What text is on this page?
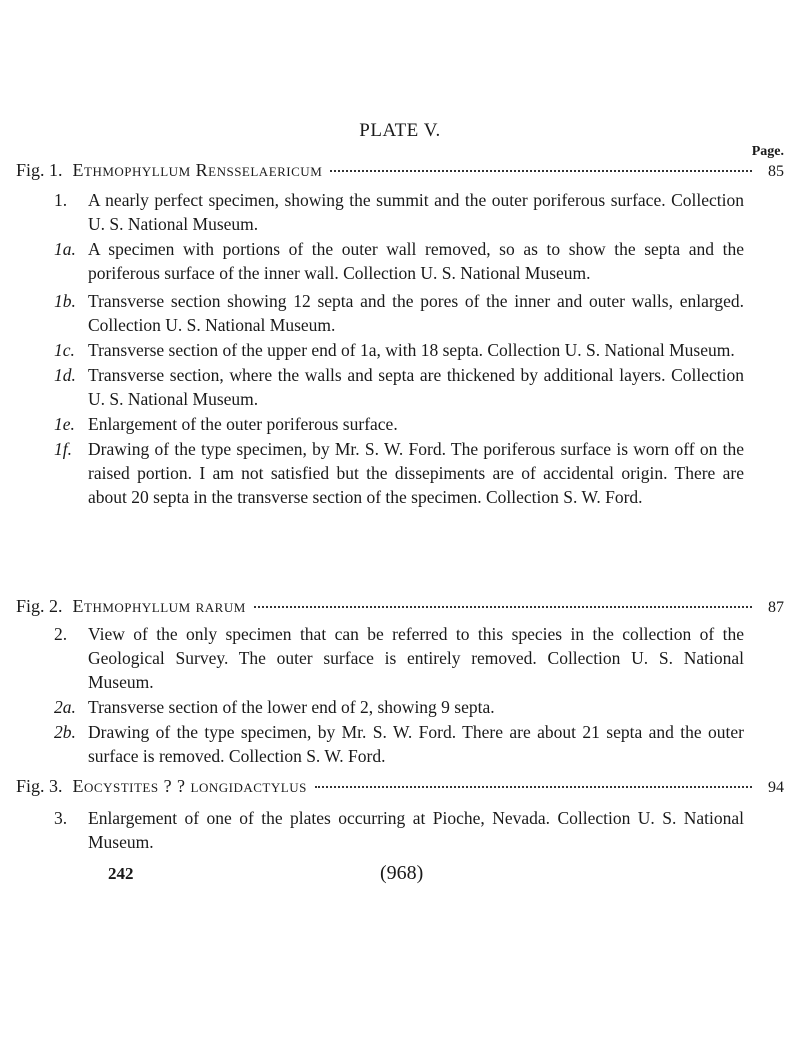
PLATE V.
Page.
Fig. 1. Ethmophyllum Rensselaericum	85
1.	A nearly perfect specimen, showing the summit and the outer poriferous surface. Collection U. S. National Museum.
1a. A specimen with portions of the outer wall removed, so as to show the septa and the poriferous surface of the inner wall. Collection U. S. National Museum.
1b. Transverse section showing 12 septa and the pores of the inner and outer walls, enlarged. Collection U. S. National Museum.
1c. Transverse section of the upper end of 1a, with 18 septa. Collection U. S. National Museum.
1d. Transverse section, where the walls and septa are thickened by additional layers. Collection U. S. National Museum.
1e. Enlargement of the outer poriferous surface.
1f. Drawing of the type specimen, by Mr. S. W. Ford. The poriferous surface is worn off on the raised portion. I am not satisfied but the dissepiments are of accidental origin. There are about 20 septa in the transverse section of the specimen. Collection S. W. Ford.
Fig. 2. Ethmophyllum rarum	87
2.	View of the only specimen that can be referred to this species in the collection of the Geological Survey. The outer surface is entirely removed. Collection U. S. National Museum.
2a. Transverse section of the lower end of 2, showing 9 septa.
2b. Drawing of the type specimen, by Mr. S. W. Ford. There are about 21 septa and the outer surface is removed. Collection S. W. Ford.
Fig. 3. Eocystites ? ? longidactylus	94
3.	Enlargement of one of the plates occurring at Pioche, Nevada. Collection U. S. National Museum.
242	(968)
